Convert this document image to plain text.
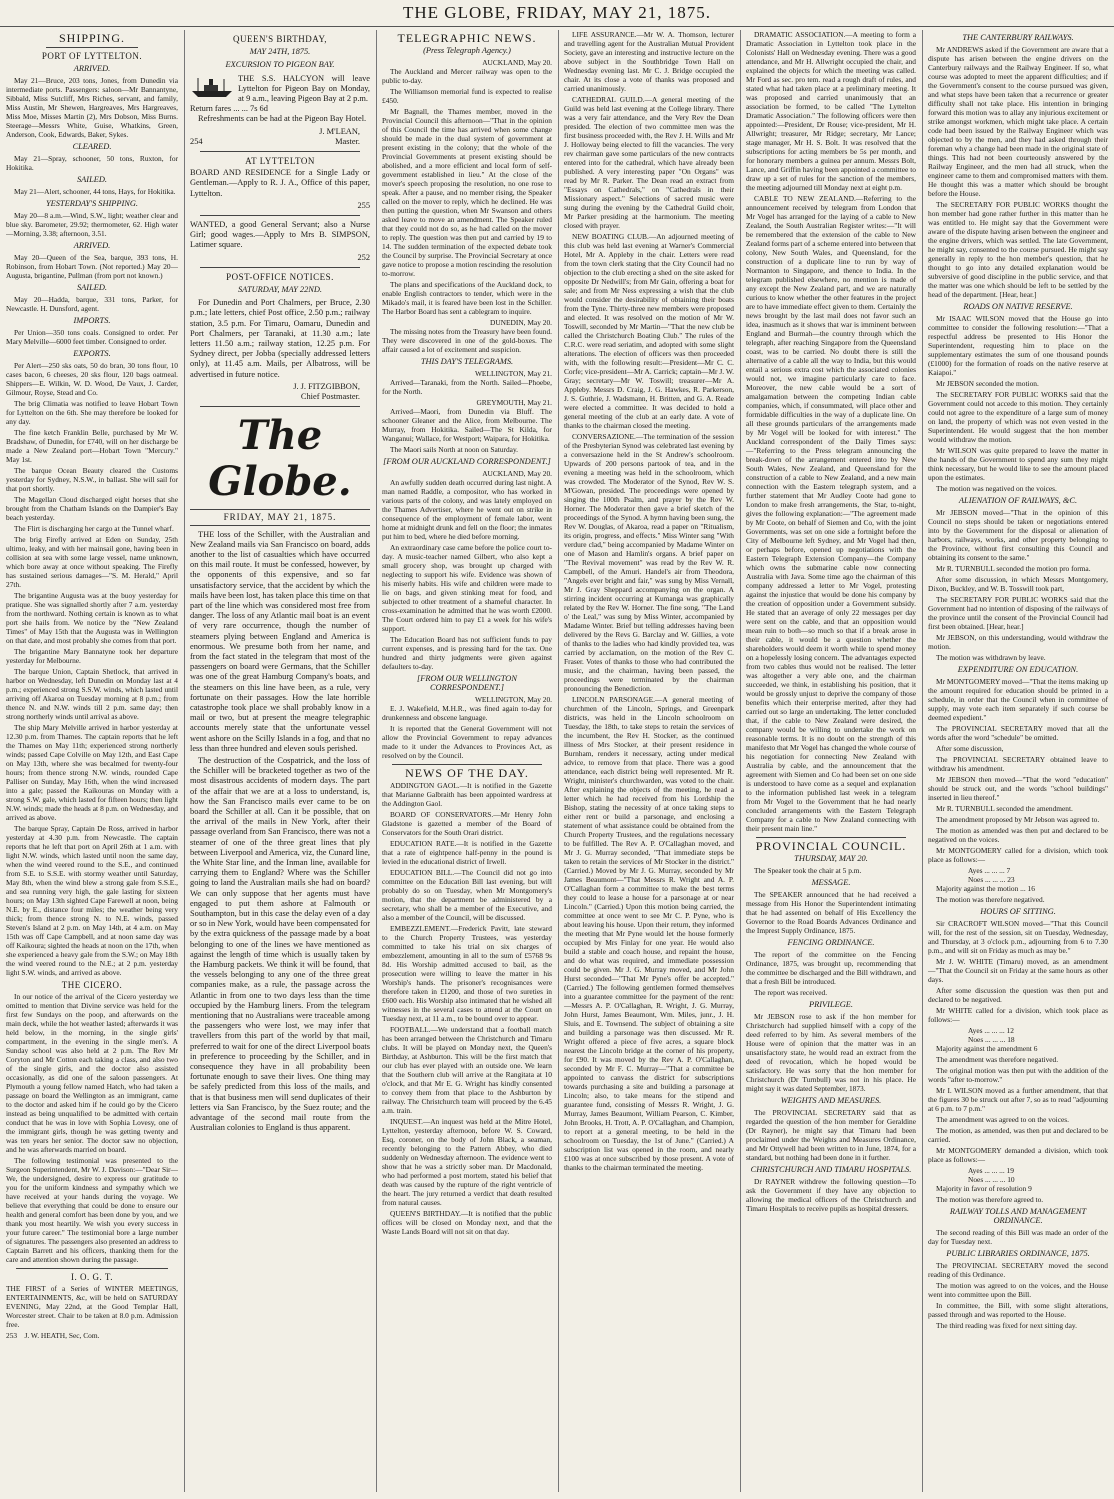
THE GLOBE, FRIDAY, MAY 21, 1875.
SHIPPING.
PORT OF LYTTELTON.
ARRIVED.

May 21—Bruce, 203 tons, Jones, from Dunedin via intermediate ports. Passengers: saloon—Mr Bannantyne, Sibbald, Miss Sutcliff, Mrs Riches, servant, and family, Miss Austin, Mr Shewen, Hargreaves, Mrs Hargreaves, Miss Moe, Misses Martin (2), Mrs Dobson, Miss Burns. Steerage—Messrs White, Guise, Whatkins, Green, Anderson, Cook, Edwards, Baker, Sykes.

CLEARED.

May 21—Spray, schooner, 50 tons, Ruxton, for Hokitika.

SAILED.

May 21—Alert, schooner, 44 tons, Hays, for Hokitika.

YESTERDAY'S SHIPPING.

May 20—8 a.m.—Wind, S.W., light; weather clear and blue sky. Barometer, 29.92; thermometer, 62. High water—Morning, 3.38; afternoon, 3.51.

ARRIVED.

May 20—Queen of the Sea, barque, 393 tons, H. Robinson, from Hobart Town. (Not reported.) May 20—Augusta, brigantine, Pullman (from port not known.)

SAILED.

May 20—Hadda, barque, 331 tons, Parker, for Newcastle. H. Dunsford, agent.

IMPORTS.

Per Union—350 tons coals. Consigned to order. Per Mary Melville—6000 feet timber. Consigned to order.

EXPORTS.

Per Alert—250 sks oats, 50 do bran, 30 tons flour, 10 cases bacon, 6 cheeses, 20 sks flour, 120 bags oatmeal. Shippers—E. Wilkin, W. D. Wood, De Vaux, J. Carder, Gilmour, Royse, Stead and Co.

The brig Climatia was notified to leave Hobart Town for Lyttelton on the 6th. She may therefore be looked for any day.

The fine ketch Franklin Belle, purchased by Mr W. Bradshaw, of Dunedin, for £740, will on her discharge be made a New Zealand port—Hobart Town "Mercury." May 1st.

The barque Ocean Beauty cleared the Customs yesterday for Sydney, N.S.W., in ballast. She will sail for that port shortly.

The Magellan Cloud discharged eight horses that she brought from the Chatham Islands on the Dampier's Bay beach yesterday.

The Flirt is discharging her cargo at the Tunnel wharf.

The brig Firefly arrived at Eden on Sunday, 25th ultimo, leaky, and with her mainsail gone, having been in collision at sea with some large vessel, name unknown, which bore away at once without speaking. The Firefly has sustained serious damages—"S. M. Herald," April 27th.

The brigantine Augusta was at the buoy yesterday for pratique. She was signalled shortly after 7 a.m. yesterday from the northward. Nothing certain is known as to what port she hails from. We notice by the "New Zealand Times" of May 15th that the Augusta was in Wellington on that date, and most probably she comes from that port.

The brigantine Mary Bannatyne took her departure yesterday for Melbourne.

The barque Union, Captain Shetlock, that arrived in harbor on Wednesday, left Dunedin on Monday last at 4 p.m.; experienced strong S.S.W. winds, which lasted until arriving off Akaroa on Tuesday morning at 8 p.m.; from thence N. and N.W. winds till 2 p.m. same day; then strong northerly winds until arrival as above.

The ship Mary Melville arrived in harbor yesterday at 12.30 p.m. from Thames. The captain reports that he left the Thames on May 11th; experienced strong northerly winds; passed Cape Colville on May 12th, and East Cape on May 13th, where she was becalmed for twenty-four hours; from thence strong N.W. winds, rounded Cape Palliser on Sunday, May 16th, when the wind increased into a gale; passed the Kaikouras on Monday with a strong S.W. gale, which lasted for fifteen hours; then light N.W. winds; made the heads at 8 p.m. on Wednesday, and arrived as above.

The barque Spray, Captain De Ross, arrived in harbor yesterday at 4.30 p.m. from Newcastle. The captain reports that he left that port on April 26th at 1 a.m. with light N.W. winds, which lasted until noon the same day, when the wind veered round to the S.E., and continued from S.E. to S.S.E. with stormy weather until Saturday, May 8th, when the wind blew a strong gale from S.S.E., and sea running very high, the gale lasting for sixteen hours; on May 13th sighted Cape Farewell at noon, being N.E. by E., distance four miles; the weather being very thick; from thence strong N. to N.E. winds, passed Steven's Island at 2 p.m. on May 14th, at 4 a.m. on May 15th was off Cape Campbell, and at noon same day was off Kaikoura; sighted the heads at noon on the 17th, when she experienced a heavy gale from the S.W.; on May 18th the wind veered round to the N.E.; at 2 p.m. yesterday light S.W. winds, and arrived as above.

THE CICERO.

In our notice of the arrival of the Cicero yesterday we omitted to mention that Divine service was held for the first few Sundays on the poop, and afterwards on the main deck, while the hot weather lasted; afterwards it was held below, in the morning, in the single girls' compartment, in the evening in the single men's. A Sunday school was also held at 2 p.m. The Rev Mr Coryton and Mr Cotton each taking a class, and also two of the single girls, and the doctor also assisted occasionally, as did one of the saloon passengers. At Plymouth a young fellow named Hatch, who had taken a passage on board the Wellington as an immigrant, came to the doctor and asked him if he could go by the Cicero instead as being unqualified to be admitted with certain conduct that he was in love with Sophia Lovesy, one of the immigrant girls, though he was getting twenty and was ten years her senior. The doctor saw no objection, and he was afterwards married on board.

The following testimonial was presented to the Surgeon Superintendent, Mr W. J. Davison:—"Dear Sir—We, the undersigned, desire to express our gratitude to you for the uniform kindness and sympathy which we have received at your hands during the voyage. We believe that everything that could be done to ensure our health and general comfort has been done by you, and we thank you most heartily. We wish you every success in your future career." The testimonial bore a large number of signatures. The passengers also presented an address to Captain Barrett and his officers, thanking them for the care and attention shown during the passage.

I. O. G. T.

THE FIRST of a Series of WINTER MEETINGS, ENTERTAINMENTS, &c, will be held on SATURDAY EVENING, May 22nd, at the Good Templar Hall, Worcester street. Chair to be taken at 8.0 p.m. Admission free.

253 J. W. HEATH, Sec, Com.
QUEEN'S BIRTHDAY,
MAY 24TH, 1875.
EXCURSION TO PIGEON BAY.
THE S.S. HALCYON will leave Lyttelton for Pigeon Bay on Monday, at 9 a.m., leaving Pigeon Bay at 2 p.m.
Return fares ... ... 7s 6d

Refreshments can be had at the Pigeon Bay Hotel.

J. M'LEAN,
254	Master.
AT LYTTELTON

BOARD AND RESIDENCE for a Single Lady or Gentleman.—Apply to R. J. A., Office of this paper, Lyttelton.

255

WANTED, a good General Servant; also a Nurse Girl; good wages.—Apply to Mrs B. SIMPSON, Latimer square.

252
POST-OFFICE NOTICES.
SATURDAY, MAY 22ND.

For Dunedin and Port Chalmers, per Bruce, 2.30 p.m.; late letters, chief Post office, 2.50 p.m.; railway station, 3.5 p.m. For Timaru, Oamaru, Dunedin and Port Chalmers, per Taranaki, at 11.30 a.m.; late letters 11.50 a.m.; railway station, 12.25 p.m. For Sydney direct, per Jobba (specially addressed letters only), at 11.45 a.m. Mails, per Albatross, will be advertised in future notice.

J. J. FITZGIBBON,
Chief Postmaster.
The Globe.
FRIDAY, MAY 21, 1875.

THE loss of the Schiller, with the Australian and New Zealand mails via San Francisco on board, adds another to the list of casualties which have occurred on this mail route. It must be confessed, however, by the opponents of this expensive, and so far unsatisfactory service, that the accident by which the mails have been lost, has taken place this time on that part of the line which was considered most free from danger. The loss of any Atlantic mail boat is an event of very rare occurrence, though the number of steamers plying between England and America is enormous. We presume both from her name, and from the fact stated in the telegram that most of the passengers on board were Germans, that the Schiller was one of the great Hamburg Company's boats, and the steamers on this line have been, as a rule, very fortunate on their passages. How the late horrible catastrophe took place we shall probably know in a mail or two, but at present the meagre telegraphic accounts merely state that the unfortunate vessel went ashore on the Scilly Islands in a fog, and that no less than three hundred and eleven souls perished.

The destruction of the Cospatrick, and the loss of the Schiller will be bracketed together as two of the most disastrous accidents of modern days. The part of the affair that we are at a loss to understand, is, how the San Francisco mails ever came to be on board the Schiller at all. Can it be possible, that on the arrival of the mails in New York, after their passage overland from San Francisco, there was not a steamer of one of the three great lines that ply between Liverpool and America, viz, the Cunard line, the White Star line, and the Inman line, available for carrying them to England? Where was the Schiller going to land the Australian mails she had on board? We can only suppose that her agents must have engaged to put them ashore at Falmouth or Southampton, but in this case the delay even of a day or so in New York, would have been compensated for by the extra quickness of the passage made by a boat belonging to one of the lines we have mentioned as against the length of time which is usually taken by the Hamburg packets. We think it will be found, that the vessels belonging to any one of the three great companies make, as a rule, the passage across the Atlantic in from one to two days less than the time occupied by the Hamburg liners. From the telegram mentioning that no Australians were traceable among the passengers who were lost, we may infer that travellers from this part of the world by that mail, preferred to wait for one of the direct Liverpool boats in preference to proceeding by the Schiller, and in consequence they have in all probability been fortunate enough to save their lives. One thing may be safely predicted from this loss of the mails, and that is that business men will send duplicates of their letters via San Francisco, by the Suez route; and the advantage of the second mail route from the Australian colonies to England is thus apparent.

TELEGRAPHIC NEWS.
(Press Telegraph Agency.)
AUCKLAND, May 20.

The Auckland and Mercer railway was open to the public to-day.

The Williamson memorial fund is expected to realise £450.

Mr Bagnall, the Thames member, moved in the Provincial Council this afternoon—"That in the opinion of this Council the time has arrived when some change should be made in the dual system of government at present existing in the colony; that the whole of the Provincial Governments at present existing should be abolished, and a more efficient and local form of self-government established in lieu." At the close of the mover's speech proposing the resolution, no one rose to speak. After a pause, and no member rising, the Speaker called on the mover to reply, which he declined. He was then putting the question, when Mr Swanson and others asked leave to move an amendment. The Speaker ruled that they could not do so, as he had called on the mover to reply. The question was then put and carried by 19 to 14. The sudden termination of the expected debate took the Council by surprise. The Provincial Secretary at once gave notice to propose a motion rescinding the resolution to-morrow.

The plans and specifications of the Auckland dock, to enable English contractors to tender, which were in the Mikado's mail, it is feared have been lost in the Schiller. The Harbor Board has sent a cablegram to inquire.

DUNEDIN, May 20.

The missing notes from the Treasury have been found. They were discovered in one of the gold-boxes. The affair caused a lot of excitement and suspicion.

THIS DAY'S TELEGRAMS.
WELLINGTON, May 21.

Arrived—Taranaki, from the North. Sailed—Phoebe, for the North.

GREYMOUTH, May 21.

Arrived—Maori, from Dunedin via Bluff. The schooner Gleaner and the Alice, from Melbourne. The Murray, from Hokitika. Sailed—The St Kilda, for Wanganui; Wallace, for Westport; Waipara, for Hokitika.

The Maori sails North at noon on Saturday.

[FROM OUR AUCKLAND CORRESPONDENT.]
AUCKLAND, May 20.

An awfully sudden death occurred during last night. A man named Raddle, a compositor, who has worked in various parts of the colony, and was lately employed on the Thames Advertiser, where he went out on strike in consequence of the employment of female labor, went home at midnight drunk and fell on the floor; the inmates put him to bed, where he died before morning.

An extraordinary case came before the police court to-day. A music-teacher named Gilbert, who also kept a small grocery shop, was brought up charged with neglecting to support his wife. Evidence was shown of his miserly habits. His wife and children were made to lie on bags, and given stinking meat for food, and subjected to other treatment of a shameful character. In cross-examination he admitted that he was worth £2000. The Court ordered him to pay £1 a week for his wife's support.

The Education Board has not sufficient funds to pay current expenses, and is pressing hard for the tax. One hundred and thirty judgments were given against defaulters to-day.

[FROM OUR WELLINGTON CORRESPONDENT.]
WELLINGTON, May 20.

E. J. Wakefield, M.H.R., was fined again to-day for drunkenness and obscene language.

It is reported that the General Government will not allow the Provincial Government to repay advances made to it under the Advances to Provinces Act, as resolved on by the Council.

NEWS OF THE DAY.

ADDINGTON GAOL.—It is notified in the Gazette that Marianne Galbraith has been appointed wardress at the Addington Gaol.

BOARD OF CONSERVATORS.—Mr Henry John Gladstone is gazetted a member of the Board of Conservators for the South Orari district.

EDUCATION RATE.—It is notified in the Gazette that a rate of eightpence half-penny in the pound is levied in the educational district of Irwell.

EDUCATION BILL.—The Council did not go into committee on the Education Bill last evening, but will probably do so on Tuesday, when Mr Montgomery's motion, that the department be administered by a secretary, who shall be a member of the Executive, and also a member of the Council, will be discussed.

EMBEZZLEMENT.—Frederick Pavitt, late steward to the Church Property Trustees, was yesterday committed to take his trial on six charges of embezzlement, amounting in all to the sum of £5768 9s 8d. His Worship admitted accused to bail, as the prosecution were willing to leave the matter in his Worship's hands. The prisoner's recognisances were therefore taken in £1200, and those of two sureties in £600 each. His Worship also intimated that he wished all witnesses in the several cases to attend at the Court on Tuesday next, at 11 a.m., to be bound over to appear.

FOOTBALL.—We understand that a football match has been arranged between the Christchurch and Timaru clubs. It will be played on Monday next, the Queen's Birthday, at Ashburton. This will be the first match that our club has ever played with an outside one. We learn that the Southern club will arrive at the Rangitata at 10 o'clock, and that Mr E. G. Wright has kindly consented to convey them from that place to the Ashburton by railway. The Christchurch team will proceed by the 6.45 a.m. train.

INQUEST.—An inquest was held at the Mitre Hotel, Lyttelton, yesterday afternoon, before W. S. Coward, Esq, coroner, on the body of John Black, a seaman, recently belonging to the Pattern Abbey, who died suddenly on Wednesday afternoon. The evidence went to show that he was a strictly sober man. Dr Macdonald, who had performed a post mortem, stated his belief that death was caused by the rupture of the right ventricle of the heart. The jury returned a verdict that death resulted from natural causes.

QUEEN'S BIRTHDAY.—It is notified that the public offices will be closed on Monday next, and that the Waste Lands Board will not sit on that day.

LIFE ASSURANCE.—Mr W. A. Thomson, lecturer and travelling agent for the Australian Mutual Provident Society, gave an interesting and instructive lecture on the above subject in the Southbridge Town Hall on Wednesday evening last. Mr C. J. Bridge occupied the chair. At its close a vote of thanks was proposed and carried unanimously.

CATHEDRAL GUILD.—A general meeting of the Guild was held last evening at the College library. There was a very fair attendance, and the Very Rev the Dean presided. The election of two committee men was the first business proceeded with, the Rev J. H. Wills and Mr J. Holloway being elected to fill the vacancies. The very rev chairman gave some particulars of the new contracts entered into for the cathedral, which have already been published. A very interesting paper "On Organs" was read by Mr R. Parker. The Dean read an extract from "Essays on Cathedrals," on "Cathedrals in their Missionary aspect." Selections of sacred music were sung during the evening by the Cathedral Guild choir, Mr Parker presiding at the harmonium. The meeting closed with prayer.

NEW BOATING CLUB.—An adjourned meeting of this club was held last evening at Warner's Commercial Hotel, Mr A. Appleby in the chair. Letters were read from the town clerk stating that the City Council had no objection to the club erecting a shed on the site asked for opposite Dr Nedwill's; from Mr Gain, offering a boat for sale; and from Mr Ness expressing a wish that the club would consider the desirability of obtaining their boats from the Tyne. Thirty-three new members were proposed and elected. It was resolved on the motion of Mr W. Toswill, seconded by Mr Martin—"That the new club be called the Christchurch Boating Club." The rules of the C.R.C. were read seriatim, and adopted with some slight alterations. The election of officers was then proceeded with, with the following result:—President—Mr C. C. Corfe; vice-president—Mr A. Carrick; captain—Mr J. W. Gray; secretary—Mr W. Toswill; treasurer—Mr A. Appleby. Messrs D. Craig, J. G. Hawkes, R. Parkerson, J. S. Guthrie, J. Wadsmann, H. Britten, and G. A. Reade were elected a committee. It was decided to hold a general meeting of the club at an early date. A vote of thanks to the chairman closed the meeting.

CONVERSAZIONE.—The termination of the session of the Presbyterian Synod was celebrated last evening by a conversazione held in the St Andrew's schoolroom. Upwards of 200 persons partook of tea, and in the evening a meeting was held in the schoolroom, which was crowded. The Moderator of the Synod, Rev W. S. M'Gowan, presided. The proceedings were opened by singing the 100th Psalm, and prayer by the Rev W. Horner. The Moderator then gave a brief sketch of the proceedings of the Synod. A hymn having been sung, the Rev W. Douglas, of Akaroa, read a paper on "Ritualism, its origin, progress, and effects." Miss Winter sang "With verdure clad," being accompanied by Madame Winter on one of Mason and Hamlin's organs. A brief paper on "The Revival movement" was read by the Rev W. R. Campbell, of the Amuri. Handel's air from Theodora, "Angels ever bright and fair," was sung by Miss Vernall, Mr J. Gray Sheppard accompanying on the organ. A stirring incident occurring at Kumanga was graphically related by the Rev W. Horner. The fine song, "The Land o' the Leal," was sung by Miss Winter, accompanied by Madame Winter. Brief but telling addresses having been delivered by the Revs G. Barclay and W. Gillies, a vote of thanks to the ladies who had kindly provided tea, was carried by acclamation, on the motion of the Rev C. Fraser. Votes of thanks to those who had contributed the music, and the chairman, having been passed, the proceedings were terminated by the chairman pronouncing the Benediction.

LINCOLN PARSONAGE.—A general meeting of churchmen of the Lincoln, Springs, and Greenpark districts, was held in the Lincoln schoolroom on Tuesday, the 18th, to take steps to retain the services of the incumbent, the Rev H. Stocker, as the continued illness of Mrs Stocker, at their present residence in Burnham, renders it necessary, acting under medical advice, to remove from that place. There was a good attendance, each district being well represented. Mr R. Wright, minister's churchwarden, was voted to the chair. After explaining the objects of the meeting, he read a letter which he had received from his Lordship the Bishop, stating the necessity of at once taking steps to either rent or build a parsonage, and enclosing a statement of what assistance could be obtained from the Church Property Trustees, and the regulations necessary to be fulfilled. The Rev A. P. O'Callaghan moved, and Mr J. G. Murray seconded, "That immediate steps be taken to retain the services of Mr Stocker in the district." (Carried.) Moved by Mr J. G. Murray, seconded by Mr James Beaumont—"That Messrs R. Wright and A. P. O'Callaghan form a committee to make the best terms they could to lease a house for a parsonage at or near Lincoln." (Carried.) Upon this motion being carried, the committee at once went to see Mr C. P. Pyne, who is about leaving his house. Upon their return, they informed the meeting that Mr Pyne would let the house formerly occupied by Mrs Finlay for one year. He would also build a stable and coach house, and repaint the house, and do what was required, and immediate possession could be given. Mr J. G. Murray moved, and Mr John Hurst seconded—"That Mr Pyne's offer be accepted." (Carried.) The following gentlemen formed themselves into a guarantee committee for the payment of the rent:—Messrs A. P. O'Callaghan, R. Wright, J. G. Murray, John Hurst, James Beaumont, Wm. Miles, junr., J. H. Sluis, and E. Townsend. The subject of obtaining a site and building a parsonage was then discussed. Mr R. Wright offered a piece of five acres, a square block nearest the Lincoln bridge at the corner of his property, for £90. It was moved by the Rev A. P. O'Callaghan, seconded by Mr F. C. Murray—"That a committee be appointed to canvass the district for subscriptions towards purchasing a site and building a parsonage at Lincoln; also, to take means for the stipend and guarantee fund, consisting of Messrs R. Wright, J. G. Murray, James Beaumont, William Pearson, C. Kimber, John Brooks, H. Trott, A. P. O'Callaghan, and Champion, to report at a general meeting, to be held in the schoolroom on Tuesday, the 1st of June." (Carried.) A subscription list was opened in the room, and nearly £100 was at once subscribed by those present. A vote of thanks to the chairman terminated the meeting.

DRAMATIC ASSOCIATION.—A meeting to form a Dramatic Association in Lyttelton took place in the Colonists' Hall on Wednesday evening. There was a good attendance, and Mr H. Allwright occupied the chair, and explained the objects for which the meeting was called. Mr Ford as sec. pro tem. read a rough draft of rules, and stated what had taken place at a preliminary meeting. It was proposed and carried unanimously that an association be formed, to be called "The Lyttelton Dramatic Association." The following officers were then appointed:—President, Dr Rouse; vice-president, Mr H. Allwright; treasurer, Mr Ridge; secretary, Mr Lance; stage manager, Mr H. S. Bolt. It was resolved that the subscriptions for acting members be 5s per month, and for honorary members a guinea per annum. Messrs Bolt, Lance, and Griffin having been appointed a committee to draw up a set of rules for the sanction of the members, the meeting adjourned till Monday next at eight p.m.

CABLE TO NEW ZEALAND.—Referring to the announcement received by telegram from London that Mr Vogel has arranged for the laying of a cable to New Zealand, the South Australian Register writes:—"It will be remembered that the extension of the cable to New Zealand forms part of a scheme entered into between that colony, New South Wales, and Queensland, for the construction of a duplicate line to run by way of Normanton to Singapore, and thence to India. In the telegram published elsewhere, no mention is made of any except the New Zealand part, and we are naturally curious to know whether the other features in the project are to have immediate effect given to them. Certainly the news brought by the last mail does not favor such an idea, inasmuch as it shows that war is imminent between England and Burmah—the country through which the telegraph, after reaching Singapore from the Queensland coast, was to be carried. No doubt there is still the alternative of a cable all the way to India, but this would entail a serious extra cost which the associated colonies would not, we imagine particularly care to face. Moreover, the new cable would be a sort of amalgamation between the competing Indian cable companies, which, if consummated, will place other and formidable difficulties in the way of a duplicate line. On all these grounds particulars of the arrangements made by Mr Vogel will be looked for with interest." The Auckland correspondent of the Daily Times says:—"Referring to the Press telegram announcing the break-down of the arrangement entered into by New South Wales, New Zealand, and Queensland for the construction of a cable to New Zealand, and a new main connection with the Eastern telegraph system, and a further statement that Mr Audley Coote had gone to London to make fresh arrangements, the Star, to-night, gives the following explanation:—"The agreement made by Mr Coote, on behalf of Siemen and Co, with the joint Governments, was set on one side a fortnight before the City of Melbourne left Sydney, and Mr Vogel had then, or perhaps before, opened up negotiations with the Eastern Telegraph Extension Company—the Company which owns the submarine cable now connecting Australia with Java. Some time ago the chairman of this company addressed a letter to Mr Vogel, protesting against the injustice that would be done his company by the creation of opposition under a Government subsidy. He stated that an average of only 22 messages per day were sent on the cable, and that an opposition would mean ruin to both—so much so that if a break arose in their cable, it would be a question whether the shareholders would deem it worth while to spend money on a hopelessly losing concern. The advantages expected from two cables thus would not be realised. The letter was altogether a very able one, and the chairman succeeded, we think, in establishing his position, that it would be grossly unjust to deprive the company of those benefits which their enterprise merited, after they had carried out so large an undertaking. The letter concluded that, if the cable to New Zealand were desired, the company would be willing to undertake the work on reasonable terms. It is no doubt on the strength of this manifesto that Mr Vogel has changed the whole course of his negotiation for connecting New Zealand with Australia by cable, and the announcement that the agreement with Siemen and Co had been set on one side is understood to have come as a sequel and explanation to the information published last week in a telegram from Mr Vogel to the Government that he had nearly concluded arrangements with the Eastern Telegraph Company for a cable to New Zealand connecting with their present main line."

PROVINCIAL COUNCIL.
THURSDAY, MAY 20.

The Speaker took the chair at 5 p.m.

MESSAGE.

The SPEAKER announced that he had received a message from His Honor the Superintendent intimating that he had assented on behalf of His Excellency the Governor to the Road Boards Advances Ordinance and the Imprest Supply Ordinance, 1875.

FENCING ORDINANCE.

The report of the committee on the Fencing Ordinance, 1875, was brought up, recommending that the committee be discharged and the Bill withdrawn, and that a fresh Bill be introduced.

The report was received.

PRIVILEGE.

Mr JEBSON rose to ask if the hon member for Christchurch had supplied himself with a copy of the deed referred to by him. As several members of the House were of opinion that the matter was in an unsatisfactory state, he would read an extract from the deed of revocation, which he hoped would be satisfactory. He was sorry that the hon member for Christchurch (Dr Turnbull) was not in his place. He might say it was dated September, 1873.

WEIGHTS AND MEASURES.

The PROVINCIAL SECRETARY said that as regarded the question of the hon member for Geraldine (Dr Rayner), he might say that Timaru had been proclaimed under the Weights and Measures Ordinance, and Mr Ottywell had been written to in June, 1874, for a standard, but nothing had been done in it further.

CHRISTCHURCH AND TIMARU HOSPITALS.

Dr RAYNER withdrew the following question—To ask the Government if they have any objection to allowing the medical officers of the Christchurch and Timaru Hospitals to receive pupils as hospital dressers.

THE CANTERBURY RAILWAYS.

Mr ANDREWS asked if the Government are aware that a dispute has arisen between the engine drivers on the Canterbury railways and the Railway Engineer. If so, what course was adopted to meet the apparent difficulties; and if the Government's consent to the course pursued was given, and what steps have been taken that a recurrence or greater difficulty shall not take place. His intention in bringing forward this motion was to allay any injurious excitement or strike amongst workmen, which might take place. A certain code had been issued by the Railway Engineer which was objected to by the men, and they had asked through their foreman why a change had been made in the original state of things. This had not been courteously answered by the Railway Engineer, and the men had all struck, when the engineer came to them and compromised matters with them. He thought this was a matter which should be brought before the House.

The SECRETARY FOR PUBLIC WORKS thought the hon member had gone rather further in this matter than he was entitled to. He might say that the Government were aware of the dispute having arisen between the engineer and the engine drivers, which was settled. The late Government, he might say, consented to the course pursued. He might say generally in reply to the hon member's question, that he thought to go into any detailed explanation would be subversive of good discipline in the public service, and that the matter was one which should be left to be settled by the head of the department. [Hear, hear.]

ROADS ON NATIVE RESERVE.

Mr ISAAC WILSON moved that the House go into committee to consider the following resolution:—"That a respectful address be presented to His Honor the Superintendent, requesting him to place on the supplementary estimates the sum of one thousand pounds (£1000) for the formation of roads on the native reserve at Kaiapoi."

Mr JEBSON seconded the motion.

The SECRETARY FOR PUBLIC WORKS said that the Government could not accede to this motion. They certainly could not agree to the expenditure of a large sum of money on land, the property of which was not even vested in the Superintendent. He would suggest that the hon member would withdraw the motion.

Mr WILSON was quite prepared to leave the matter in the hands of the Government to spend any sum they might think necessary, but he would like to see the amount placed upon the estimates.

The motion was negatived on the voices.

ALIENATION OF RAILWAYS, &C.

Mr JEBSON moved—"That in the opinion of this Council no steps should be taken or negotiations entered into by the Government for the disposal or alienation of harbors, railways, works, and other property belonging to the Province, without first consulting this Council and obtaining its consent to the same."

Mr R. TURNBULL seconded the motion pro forma.

After some discussion, in which Messrs Montgomery, Dixon, Buckley, and W. B. Tosswill took part,

The SECRETARY FOR PUBLIC WORKS said that the Government had no intention of disposing of the railways of the province until the consent of the Provincial Council had first been obtained. [Hear, hear.]

Mr JEBSON, on this understanding, would withdraw the motion.

The motion was withdrawn by leave.

EXPENDITURE ON EDUCATION.

Mr MONTGOMERY moved—"That the items making up the amount required for education should be printed in a schedule, in order that the Council when in committee of supply, may vote each item separately if such course be deemed expedient."

The PROVINCIAL SECRETARY moved that all the words after the word "schedule" be omitted.

After some discussion,

The PROVINCIAL SECRETARY obtained leave to withdraw his amendment.

Mr JEBSON then moved—"That the word "education" should be struck out, and the words "school buildings" inserted in lieu thereof."

Mr R. TURNBULL seconded the amendment.

The amendment proposed by Mr Jebson was agreed to.

The motion as amended was then put and declared to be negatived on the voices.

Mr MONTGOMERY called for a division, which took place as follows:—

Ayes ... ... ... 7
Noes ... ... ... 23

Majority against the motion ... 16

The motion was therefore negatived.

HOURS OF SITTING.

Sir CRACROFT WILSON moved—"That this Council will, for the rest of the session, sit on Tuesday, Wednesday, and Thursday, at 3 o'clock p.m., adjourning from 6 to 7.30 p.m., and will sit on Friday as much as may be."

Mr J. W. WHITE (Timaru) moved, as an amendment—"That the Council sit on Friday at the same hours as other days.

After some discussion the question was then put and declared to be negatived.

Mr WHITE called for a division, which took place as follows:—

Ayes ... ... ... 12
Noes ... ... ... 18

Majority against the amendment 6

The amendment was therefore negatived.

The original motion was then put with the addition of the words "after to-morrow."

Mr I. WILSON moved as a further amendment, that that the figures 30 be struck out after 7, so as to read "adjourning at 6 p.m. to 7 p.m."

The amendment was agreed to on the voices.

The motion, as amended, was then put and declared to be carried.

Mr MONTGOMERY demanded a division, which took place as follows:—

Ayes ... ... ... 19
Noes ... ... ... 10

Majority in favor of resolution 9

The motion was therefore agreed to.

RAILWAY TOLLS AND MANAGEMENT ORDINANCE.

The second reading of this Bill was made an order of the day for Tuesday next.

PUBLIC LIBRARIES ORDINANCE, 1875.

The PROVINCIAL SECRETARY moved the second reading of this Ordinance.

The motion was agreed to on the voices, and the House went into committee upon the Bill.

In committee, the Bill, with some slight alterations, passed through and was reported to the House.

The third reading was fixed for next sitting day.
